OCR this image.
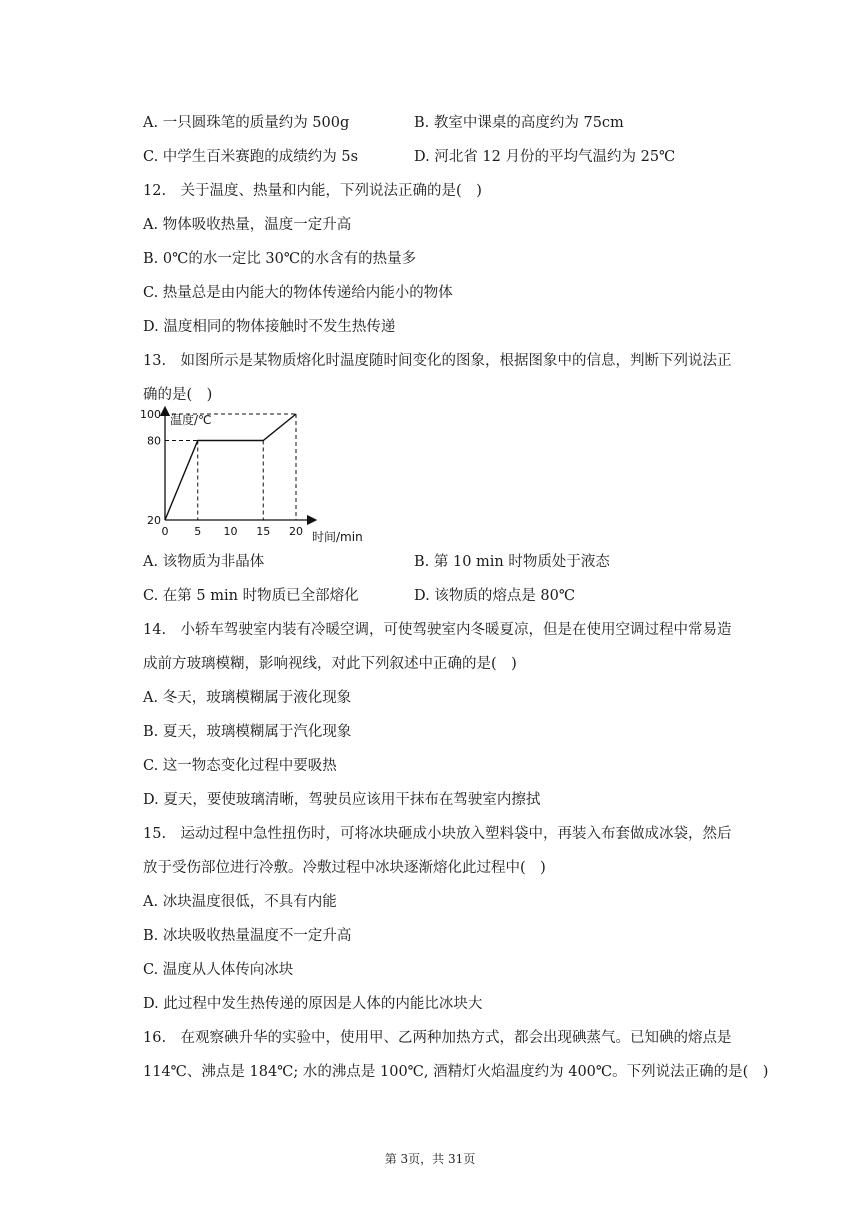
A. 一只圆珠笔的质量约为 500g	B. 教室中课桌的高度约为 75cm
C. 中学生百米赛跑的成绩约为 5s	D. 河北省 12 月份的平均气温约为 25℃
12.　关于温度、热量和内能，下列说法正确的是(　)
A. 物体吸收热量，温度一定升高
B. 0℃的水一定比 30℃的水含有的热量多
C. 热量总是由内能大的物体传递给内能小的物体
D. 温度相同的物体接触时不发生热传递
13.　如图所示是某物质熔化时温度随时间变化的图象，根据图象中的信息，判断下列说法正
确的是(　)
A. 该物质为非晶体	B. 第 10 min 时物质处于液态
C. 在第 5 min 时物质已全部熔化	D. 该物质的熔点是 80℃
14.　小轿车驾驶室内装有冷暖空调，可使驾驶室内冬暖夏凉，但是在使用空调过程中常易造
成前方玻璃模糊，影响视线，对此下列叙述中正确的是(　)
A. 冬天，玻璃模糊属于液化现象
B. 夏天，玻璃模糊属于汽化现象
C. 这一物态变化过程中要吸热
D. 夏天，要使玻璃清晰，驾驶员应该用干抹布在驾驶室内擦拭
15.　运动过程中急性扭伤时，可将冰块砸成小块放入塑料袋中，再装入布套做成冰袋，然后
放于受伤部位进行冷敷。冷敷过程中冰块逐渐熔化此过程中(　)
A. 冰块温度很低，不具有内能
B. 冰块吸收热量温度不一定升高
C. 温度从人体传向冰块
D. 此过程中发生热传递的原因是人体的内能比冰块大
16.　在观察碘升华的实验中，使用甲、乙两种加热方式，都会出现碘蒸气。已知碘的熔点是
114℃、沸点是 184℃; 水的沸点是 100℃, 酒精灯火焰温度约为 400℃。下列说法正确的是(　)
温度/℃
时间/min
0 5 10 15 20
20
80
100
第 3页，共 31页
